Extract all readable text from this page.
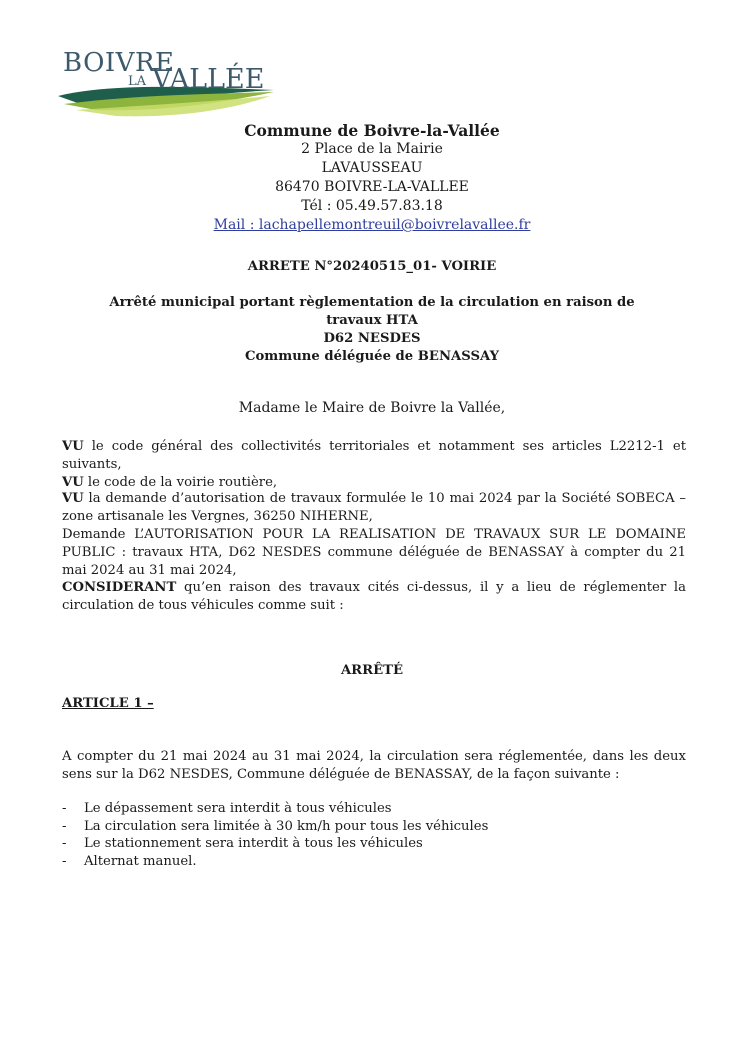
BOIVRE
LA VALLÉE
Commune de Boivre-la-Vallée
2 Place de la Mairie
LAVAUSSEAU
86470 BOIVRE-LA-VALLEE
Tél : 05.49.57.83.18
Mail : lachapellemontreuil@boivrelavallee.fr
ARRETE N°20240515_01- VOIRIE
Arrêté municipal portant règlementation de la circulation en raison de
travaux HTA
D62 NESDES
Commune déléguée de BENASSAY
Madame le Maire de Boivre la Vallée,
VU le code général des collectivités territoriales et notamment ses articles L2212-1 et suivants,
VU le code de la voirie routière,
VU la demande d’autorisation de travaux formulée le 10 mai 2024 par la Société SOBECA – zone artisanale les Vergnes, 36250 NIHERNE,
Demande L’AUTORISATION POUR LA REALISATION DE TRAVAUX SUR LE DOMAINE PUBLIC : travaux HTA, D62 NESDES commune déléguée de BENASSAY à compter du 21 mai 2024 au 31 mai 2024,
CONSIDERANT qu’en raison des travaux cités ci-dessus, il y a lieu de réglementer la circulation de tous véhicules comme suit :
ARRÊTÉ
ARTICLE 1 –
A compter du 21 mai 2024 au 31 mai 2024, la circulation sera réglementée, dans les deux sens sur la D62 NESDES, Commune déléguée de BENASSAY, de la façon suivante :
- Le dépassement sera interdit à tous véhicules
- La circulation sera limitée à 30 km/h pour tous les véhicules
- Le stationnement sera interdit à tous les véhicules
- Alternat manuel.
